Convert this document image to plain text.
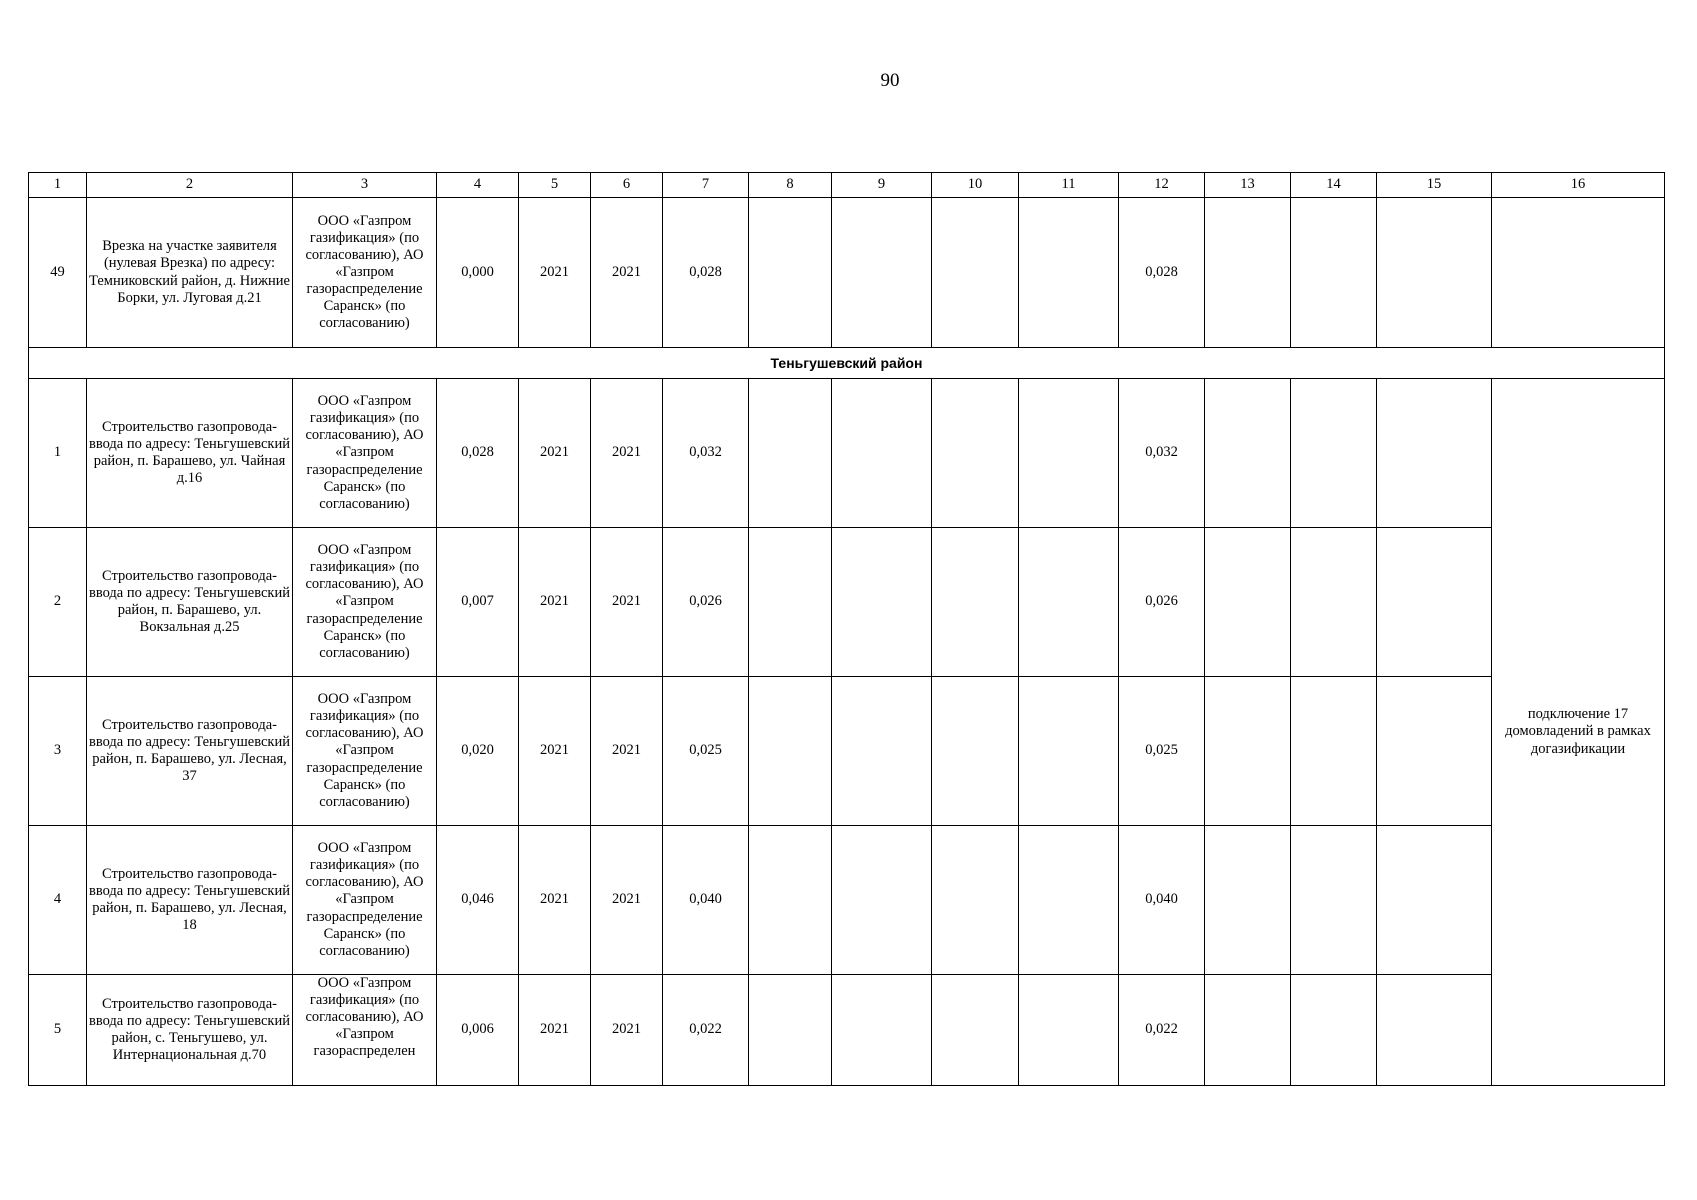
90
1	2	3	4	5	6	7	8	9	10	11	12	13	14	15	16
49	Врезка на участке заявителя (нулевая Врезка) по адресу: Темниковский район, д. Нижние Борки, ул. Луговая д.21	ООО «Газпром газификация» (по согласованию), АО «Газпром газораспределение Саранск» (по согласованию)	0,000	2021	2021	0,028					0,028				
Теньгушевский район															
1	Строительство газопровода-ввода по адресу: Теньгушевский район, п. Барашево, ул. Чайная д.16	ООО «Газпром газификация» (по согласованию), АО «Газпром газораспределение Саранск» (по согласованию)	0,028	2021	2021	0,032					0,032				подключение 17 домовладений в рамках догазификации
2	Строительство газопровода-ввода по адресу: Теньгушевский район, п. Барашево, ул. Вокзальная д.25	ООО «Газпром газификация» (по согласованию), АО «Газпром газораспределение Саранск» (по согласованию)	0,007	2021	2021	0,026					0,026				
3	Строительство газопровода-ввода по адресу: Теньгушевский район, п. Барашево, ул. Лесная, 37	ООО «Газпром газификация» (по согласованию), АО «Газпром газораспределение Саранск» (по согласованию)	0,020	2021	2021	0,025					0,025				
4	Строительство газопровода-ввода по адресу: Теньгушевский район, п. Барашево, ул. Лесная, 18	ООО «Газпром газификация» (по согласованию), АО «Газпром газораспределение Саранск» (по согласованию)	0,046	2021	2021	0,040					0,040				
5	Строительство газопровода-ввода по адресу: Теньгушевский район, с. Теньгушево, ул. Интернациональная д.70	ООО «Газпром газификация» (по согласованию), АО «Газпром газораспределен	0,006	2021	2021	0,022					0,022				
